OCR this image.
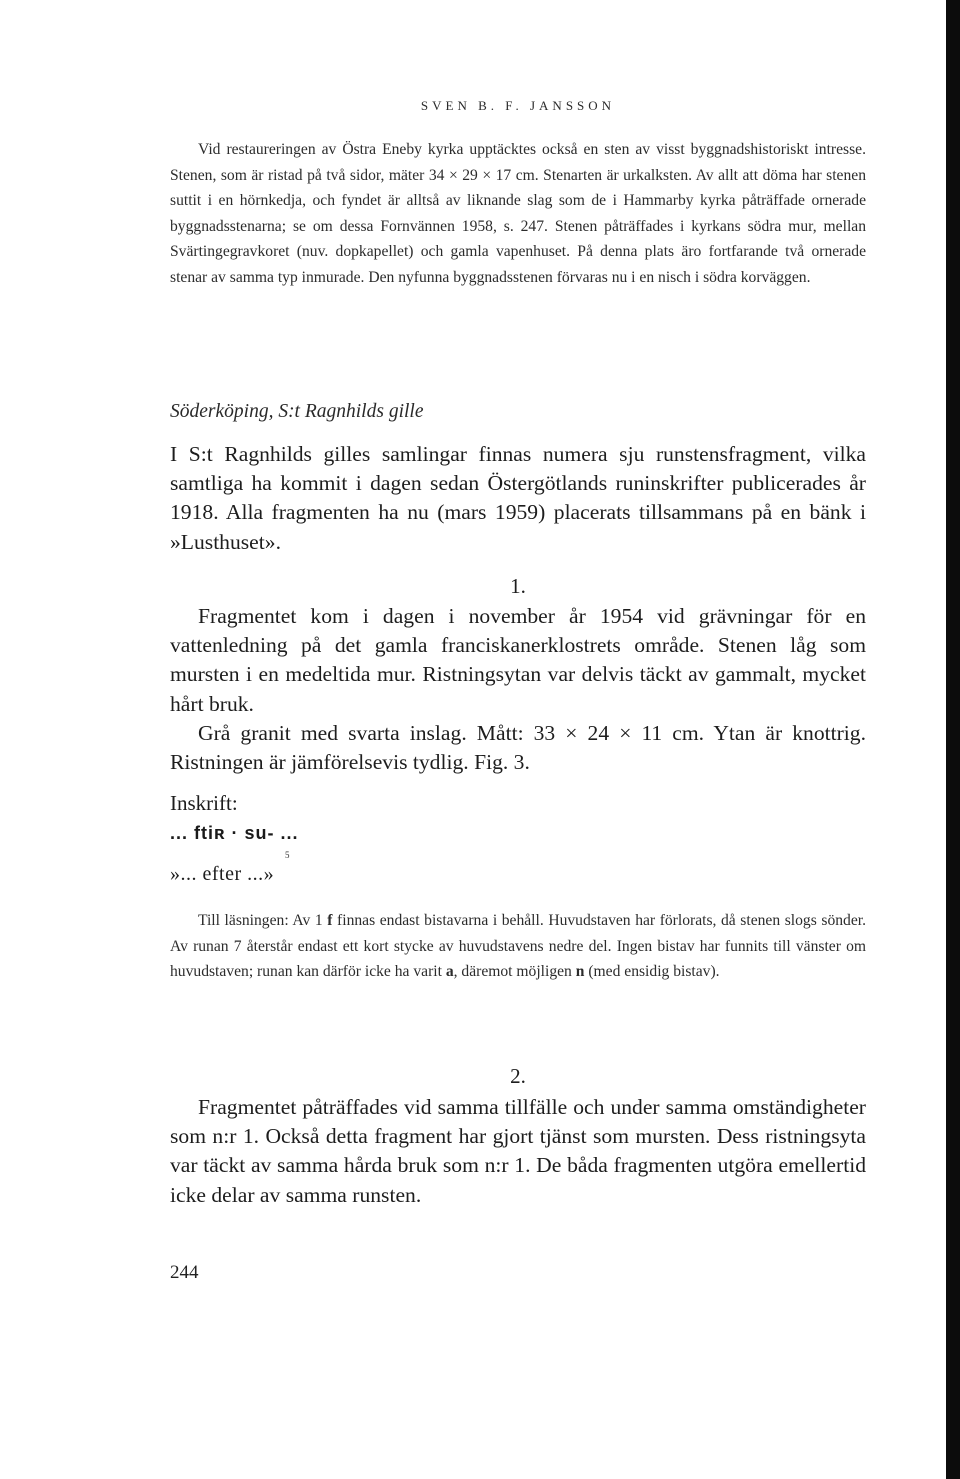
SVEN B. F. JANSSON

Vid restaureringen av Östra Eneby kyrka upptäcktes också en sten av visst byggnadshistoriskt intresse. Stenen, som är ristad på två sidor, mäter 34 × 29 × 17 cm. Stenarten är urkalksten. Av allt att döma har stenen suttit i en hörnkedja, och fyndet är alltså av liknande slag som de i Hammarby kyrka påträffade ornerade byggnadsstenarna; se om dessa Fornvännen 1958, s. 247. Stenen påträffades i kyrkans södra mur, mellan Svärtingegravkoret (nuv. dopkapellet) och gamla vapenhuset. På denna plats äro fortfarande två ornerade stenar av samma typ inmurade. Den nyfunna byggnadsstenen förvaras nu i en nisch i södra korväggen.

Söderköping, S:t Ragnhilds gille

I S:t Ragnhilds gilles samlingar finnas numera sju runstensfragment, vilka samtliga ha kommit i dagen sedan Östergötlands runinskrifter publicerades år 1918. Alla fragmenten ha nu (mars 1959) placerats tillsammans på en bänk i »Lusthuset».

1.

Fragmentet kom i dagen i november år 1954 vid grävningar för en vattenledning på det gamla franciskanerklostrets område. Stenen låg som mursten i en medeltida mur. Ristningsytan var delvis täckt av gammalt, mycket hårt bruk.

Grå granit med svarta inslag. Mått: 33 × 24 × 11 cm. Ytan är knottrig. Ristningen är jämförelsevis tydlig. Fig. 3.

Inskrift:
... ftiʀ · su- ...
5
»... efter ...»

Till läsningen: Av 1 f finnas endast bistavarna i behåll. Huvudstaven har förlorats, då stenen slogs sönder. Av runan 7 återstår endast ett kort stycke av huvudstavens nedre del. Ingen bistav har funnits till vänster om huvudstaven; runan kan därför icke ha varit a, däremot möjligen n (med ensidig bistav).

2.

Fragmentet påträffades vid samma tillfälle och under samma omständigheter som n:r 1. Också detta fragment har gjort tjänst som mursten. Dess ristningsyta var täckt av samma hårda bruk som n:r 1. De båda fragmenten utgöra emellertid icke delar av samma runsten.

244
